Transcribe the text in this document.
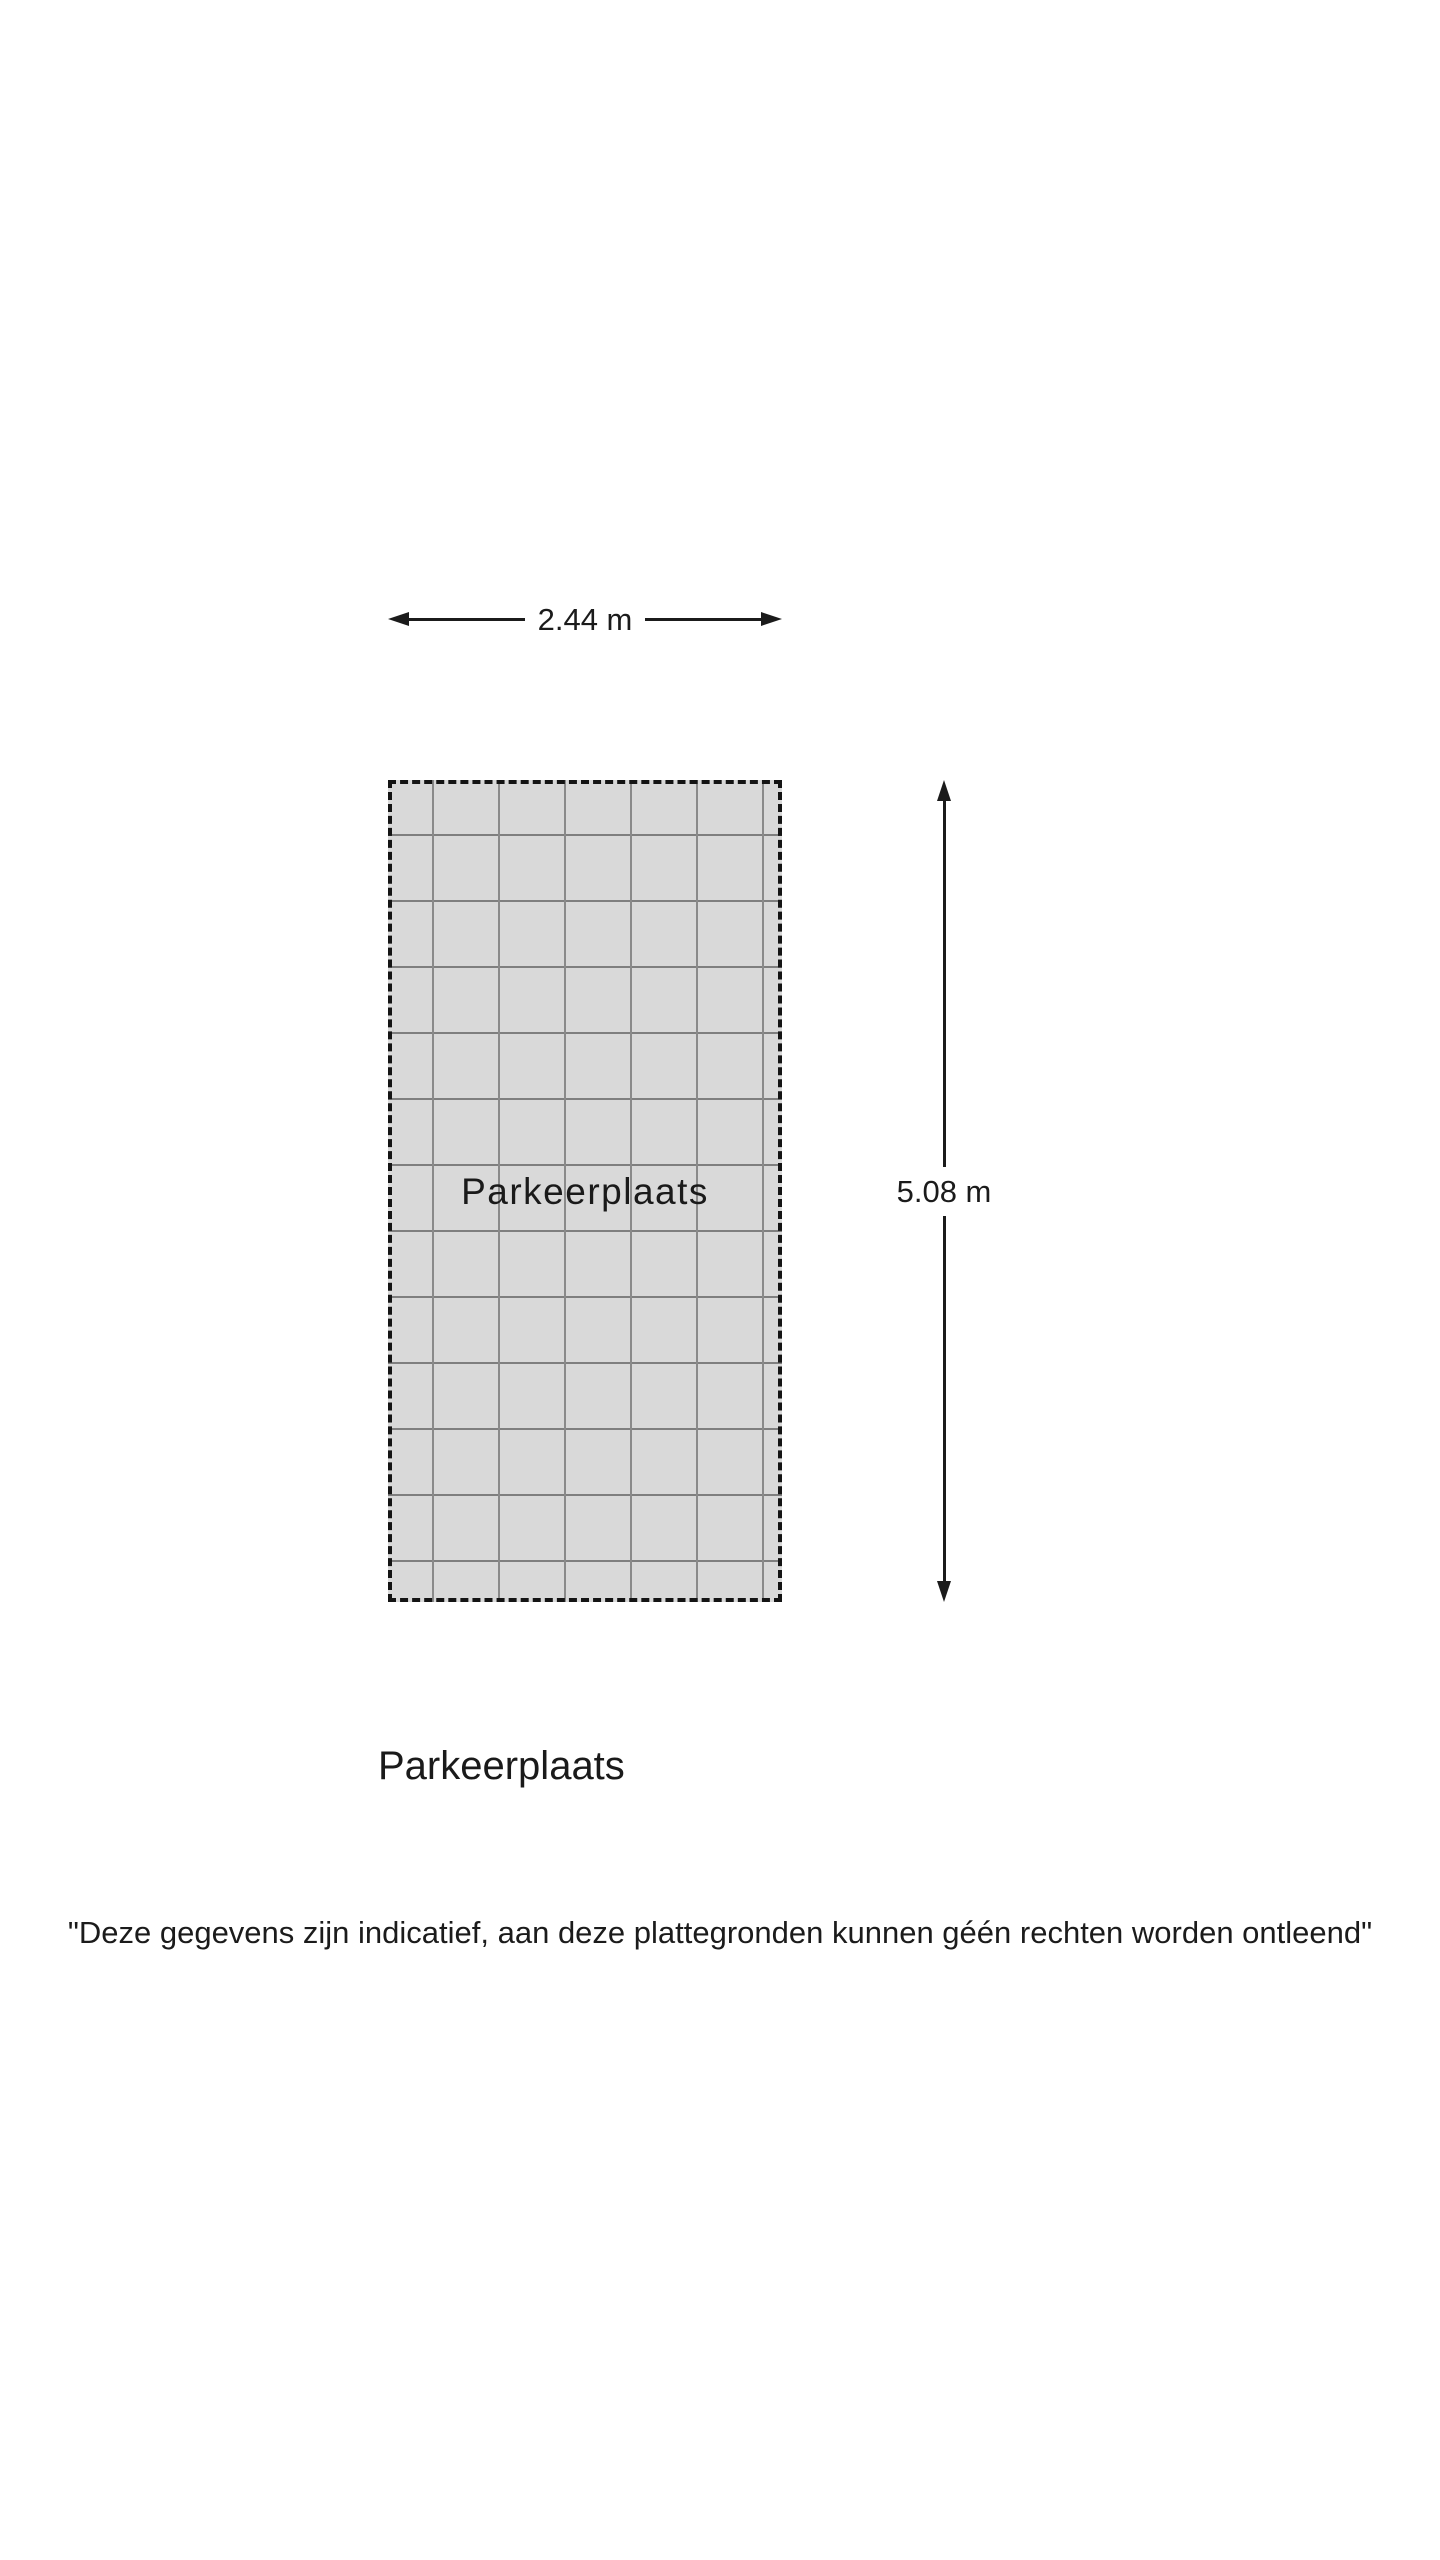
2.44 m
Parkeerplaats	5.08 m
Parkeerplaats
"Deze gegevens zijn indicatief, aan deze plattegronden kunnen géén rechten worden ontleend"
